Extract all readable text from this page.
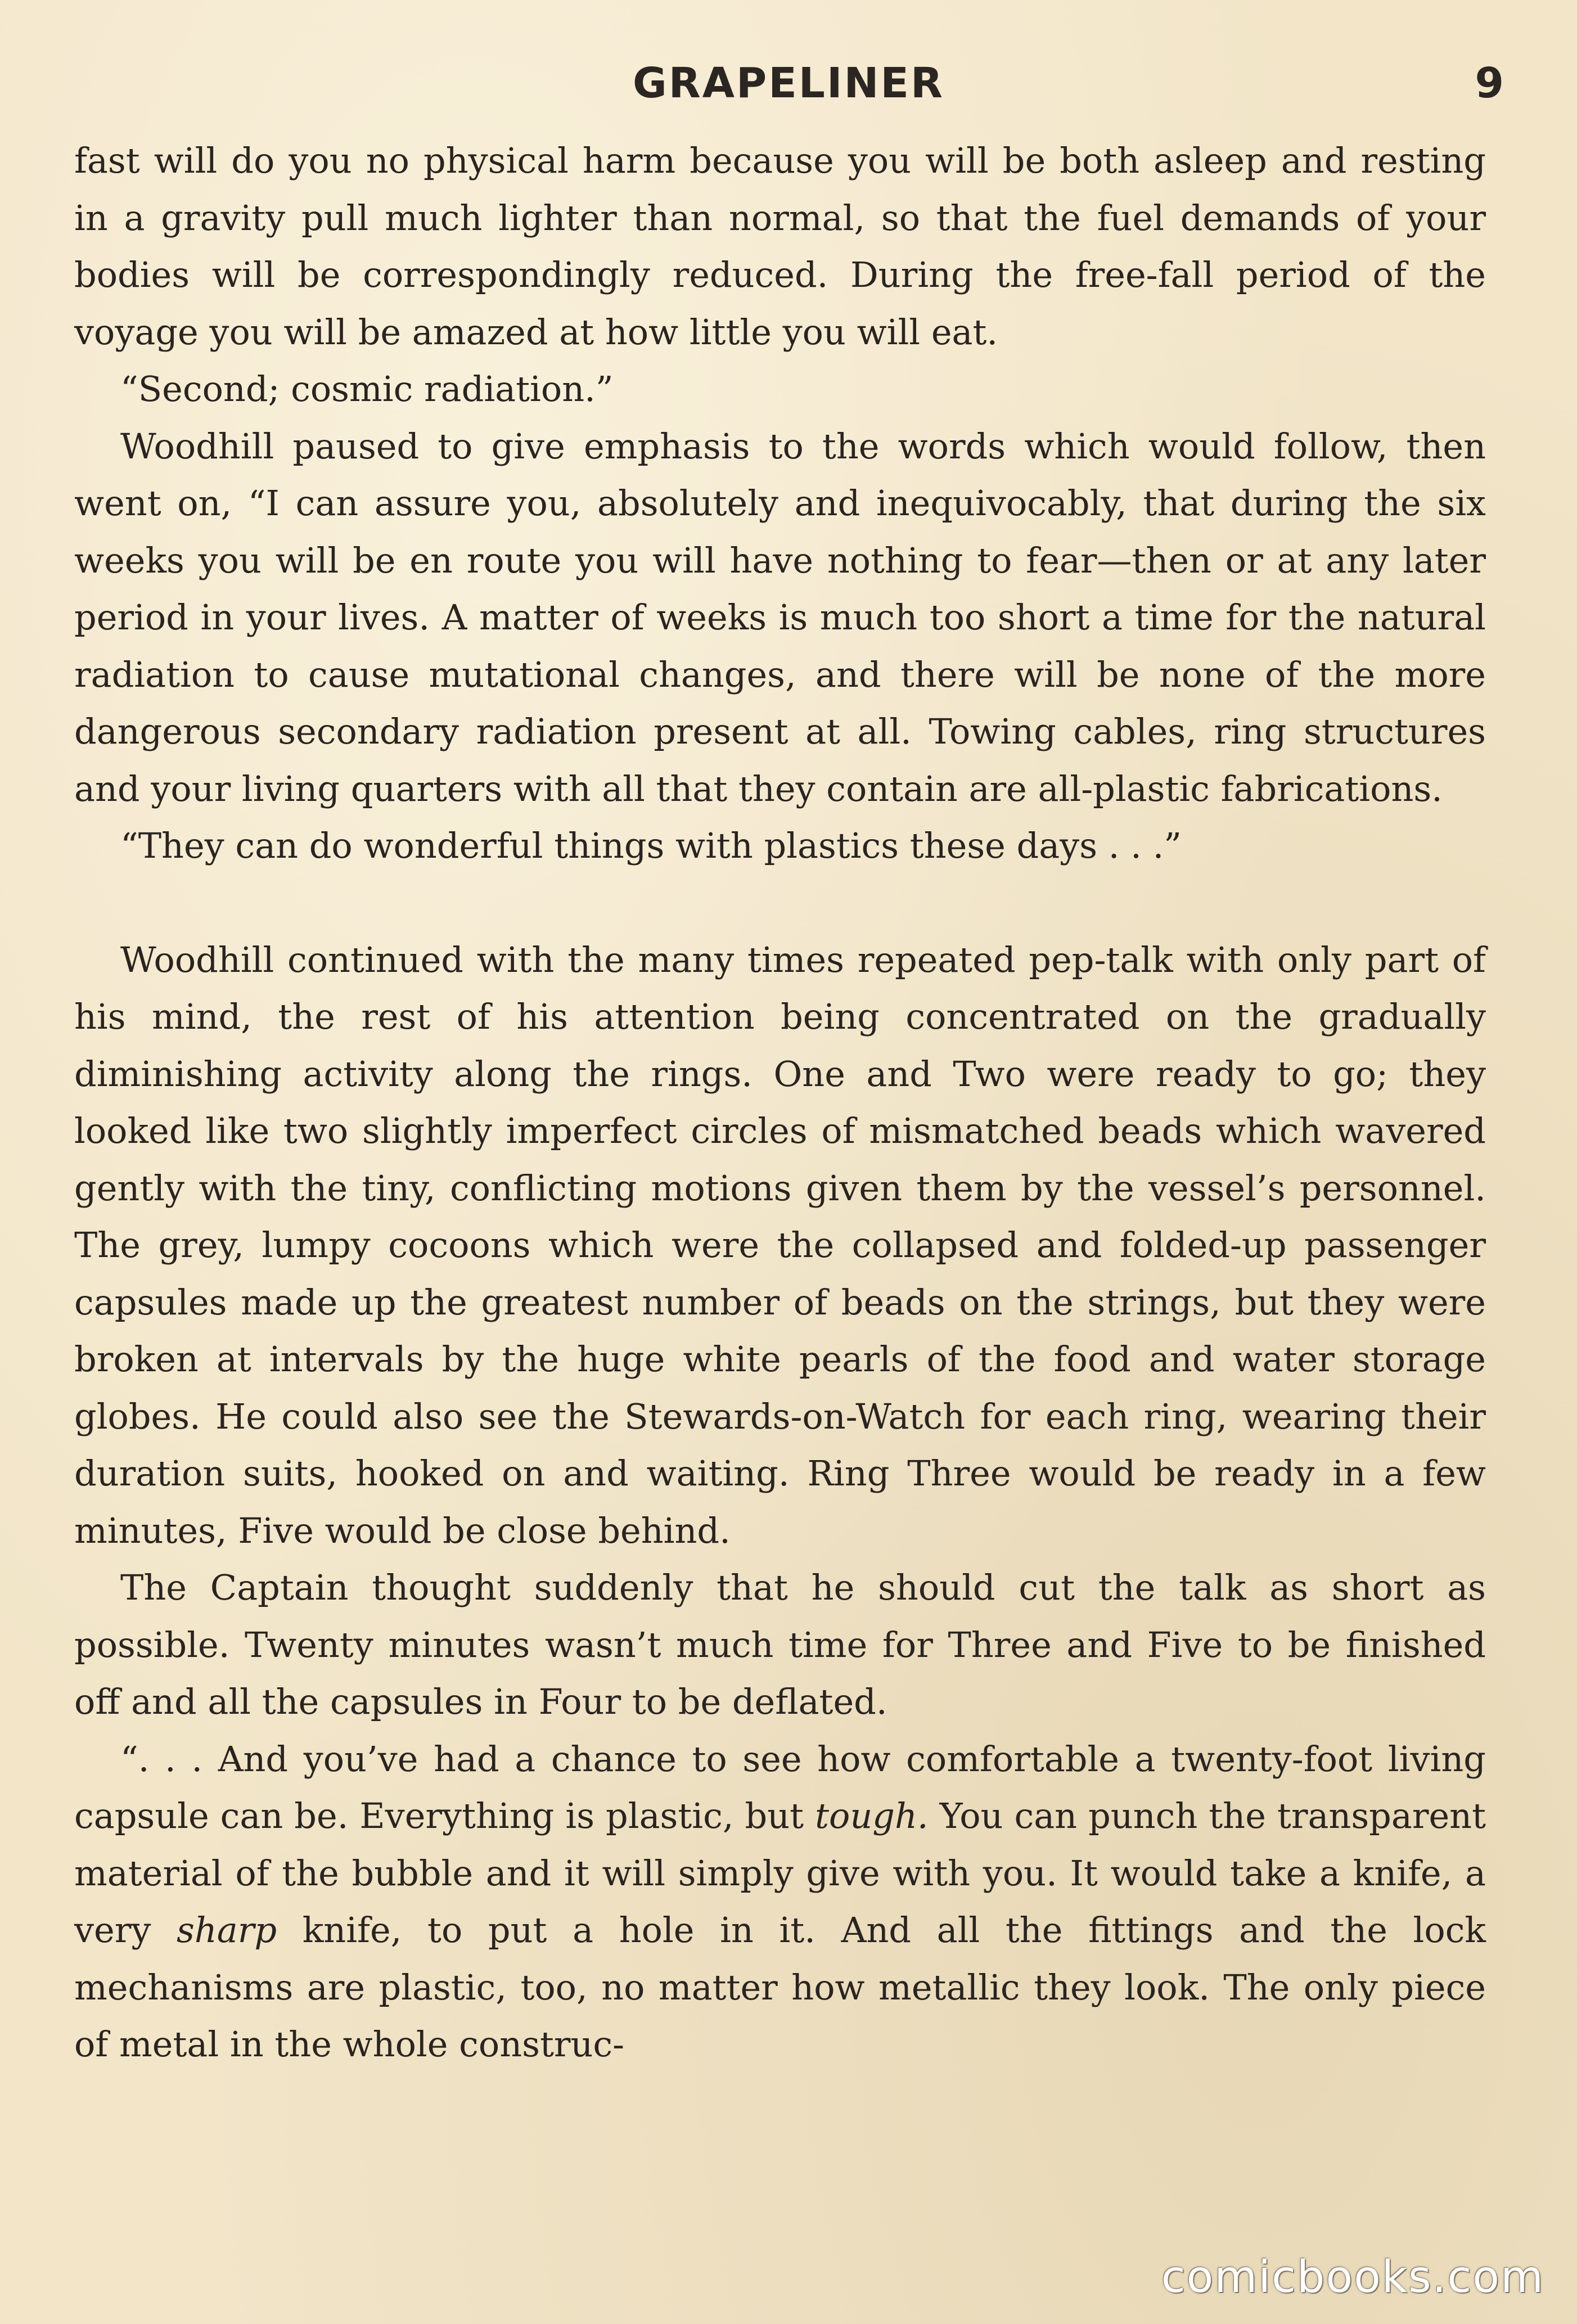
GRAPELINER	9

fast will do you no physical harm because you will be both asleep and resting in a gravity pull much lighter than normal, so that the fuel demands of your bodies will be correspondingly reduced. During the free-fall period of the voyage you will be amazed at how little you will eat.

“Second; cosmic radiation.”

Woodhill paused to give emphasis to the words which would follow, then went on, “I can assure you, absolutely and inequivocably, that during the six weeks you will be en route you will have nothing to fear—then or at any later period in your lives. A matter of weeks is much too short a time for the natural radiation to cause mutational changes, and there will be none of the more dangerous secondary radiation present at all. Towing cables, ring structures and your living quarters with all that they contain are all-plastic fabrications.

“They can do wonderful things with plastics these days . . .”

Woodhill continued with the many times repeated pep-talk with only part of his mind, the rest of his attention being concentrated on the gradually diminishing activity along the rings. One and Two were ready to go; they looked like two slightly imperfect circles of mismatched beads which wavered gently with the tiny, conflicting motions given them by the vessel’s personnel. The grey, lumpy cocoons which were the collapsed and folded-up passenger capsules made up the greatest number of beads on the strings, but they were broken at intervals by the huge white pearls of the food and water storage globes. He could also see the Stewards-on-Watch for each ring, wearing their duration suits, hooked on and waiting. Ring Three would be ready in a few minutes, Five would be close behind.

The Captain thought suddenly that he should cut the talk as short as possible. Twenty minutes wasn’t much time for Three and Five to be finished off and all the capsules in Four to be deflated.

“. . . And you’ve had a chance to see how comfortable a twenty-foot living capsule can be. Everything is plastic, but tough. You can punch the transparent material of the bubble and it will simply give with you. It would take a knife, a very sharp knife, to put a hole in it. And all the fittings and the lock mechanisms are plastic, too, no matter how metallic they look. The only piece of metal in the whole construc-

comicbooks.com
